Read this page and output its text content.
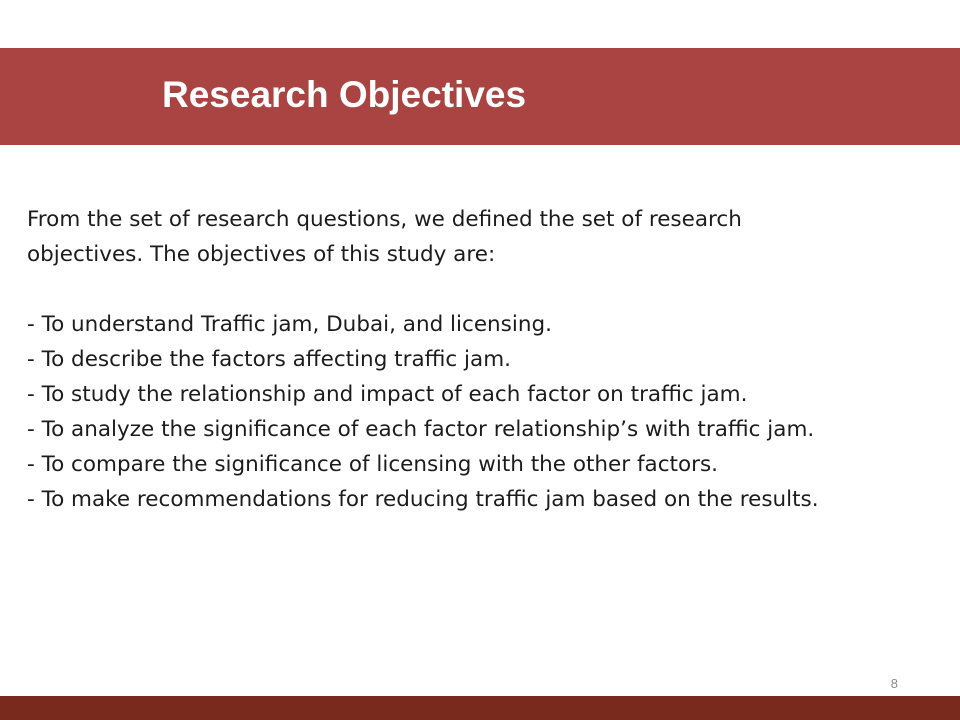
Research Objectives
From the set of research questions, we defined the set of research
objectives. The objectives of this study are:
- To understand Traffic jam, Dubai, and licensing.
- To describe the factors affecting traffic jam.
- To study the relationship and impact of each factor on traffic jam.
- To analyze the significance of each factor relationship’s with traffic jam.
- To compare the significance of licensing with the other factors.
- To make recommendations for reducing traffic jam based on the results.
8
